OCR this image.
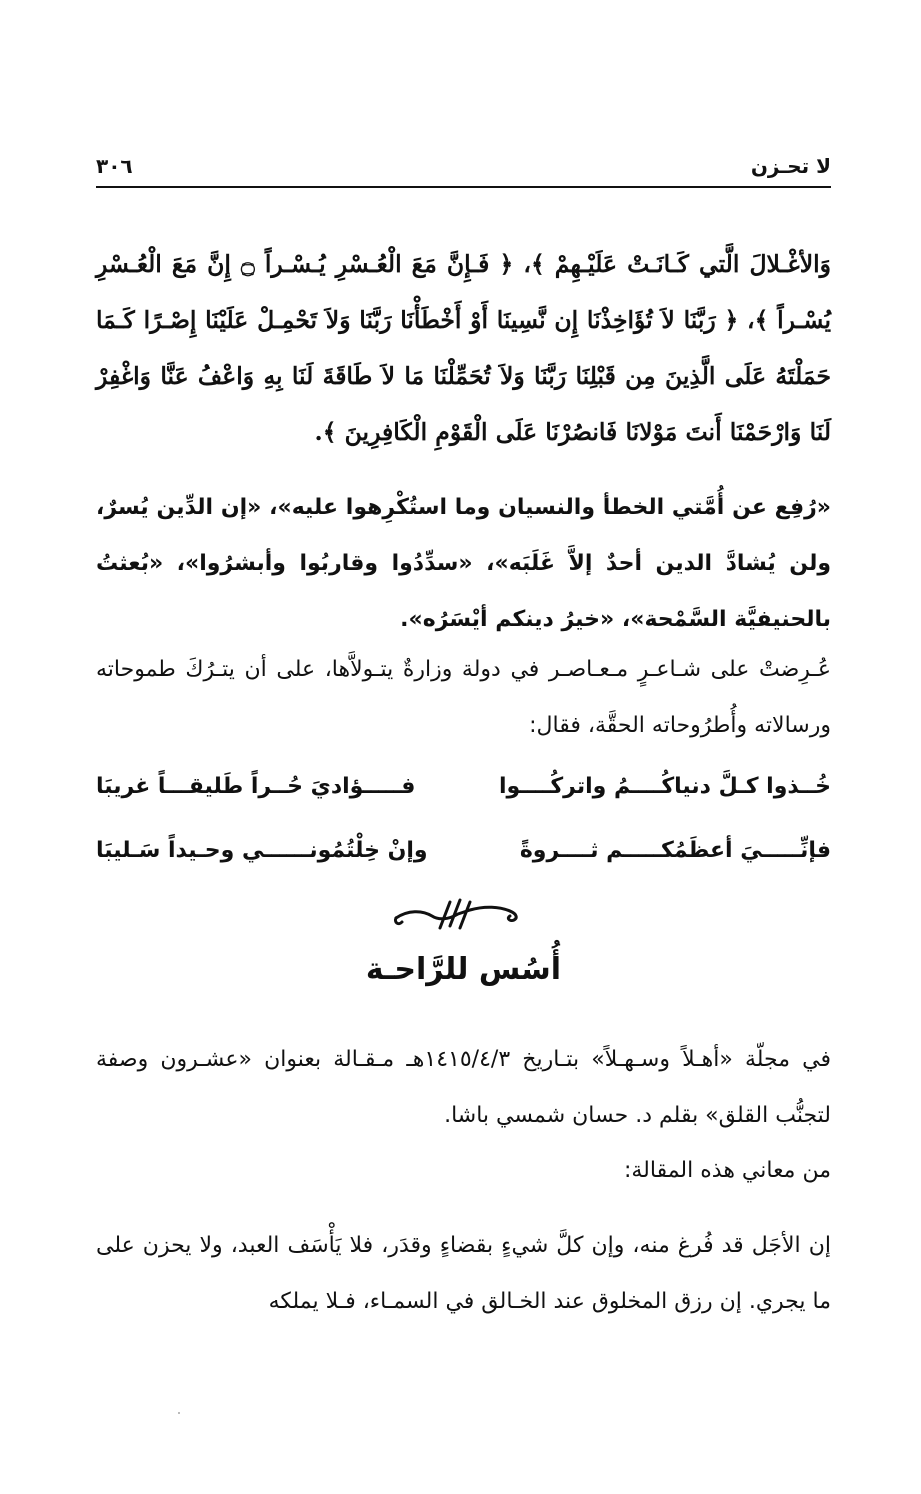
٣٠٦	لا تحـزن
وَالأغْـلالَ الَّتي كَـانَـتْ عَلَيْـهِمْ ﴾، ﴿ فَـإِنَّ مَعَ الْعُـسْرِ يُـسْـراً ۝ إِنَّ مَعَ الْعُـسْرِ يُسْـراً ﴾، ﴿ رَبَّنَا لاَ تُؤَاخِذْنَا إِن نَّسِينَا أَوْ أَخْطَأْنَا رَبَّنَا وَلاَ تَحْمِـلْ عَلَيْنَا إِصْـرًا كَـمَا حَمَلْتَهُ عَلَى الَّذِينَ مِن قَبْلِنَا رَبَّنَا وَلاَ تُحَمِّلْنَا مَا لاَ طَاقَةَ لَنَا بِهِ وَاعْفُ عَنَّا وَاغْفِرْ لَنَا وَارْحَمْنَا أَنتَ مَوْلانَا فَانصُرْنَا عَلَى الْقَوْمِ الْكَافِرِينَ ﴾.
«رُفِع عن أُمَّتي الخطأ والنسيان وما استُكْرِهوا عليه»، «إن الدِّين يُسرٌ، ولن يُشادَّ الدين أحدٌ إلاَّ غَلَبَه»، «سدِّدُوا وقاربُوا وأبشرُوا»، «بُعثتُ بالحنيفيَّة السَّمْحة»، «خيرُ دينكم أيْسَرُه».
عُـرِضتْ على شـاعـرٍ مـعـاصـر في دولة وزارةٌ يتـولاَّها، على أن يتـرُكَ طموحاته ورسالاته وأُطرُوحاته الحقَّة، فقال:
خُــذوا كـلَّ دنياكُــــمُ واتركُــــوا
فـــــؤاديَ حُــراً طَليقـــاً غريبَا
فإنِّـــــيَ أعظَمُكـــــم ثــــروةً
وإنْ خِلْتُمُونــــــي وحـيداً سَـليبَا
أُسُس للرَّاحـة
في مجلّة «أهـلاً وسـهـلاً» بتـاريخ ١٤١٥/٤/٣هـ مـقـالة بعنوان «عشـرون وصفة لتجنُّب القلق» بقلم د. حسان شمسي باشا.
من معاني هذه المقالة:
إن الأجَل قد فُرغ منه، وإن كلَّ شيءٍ بقضاءٍ وقدَر، فلا يَأْسَف العبد، ولا يحزن على ما يجري. إن رزق المخلوق عند الخـالق في السمـاء، فـلا يملكه
